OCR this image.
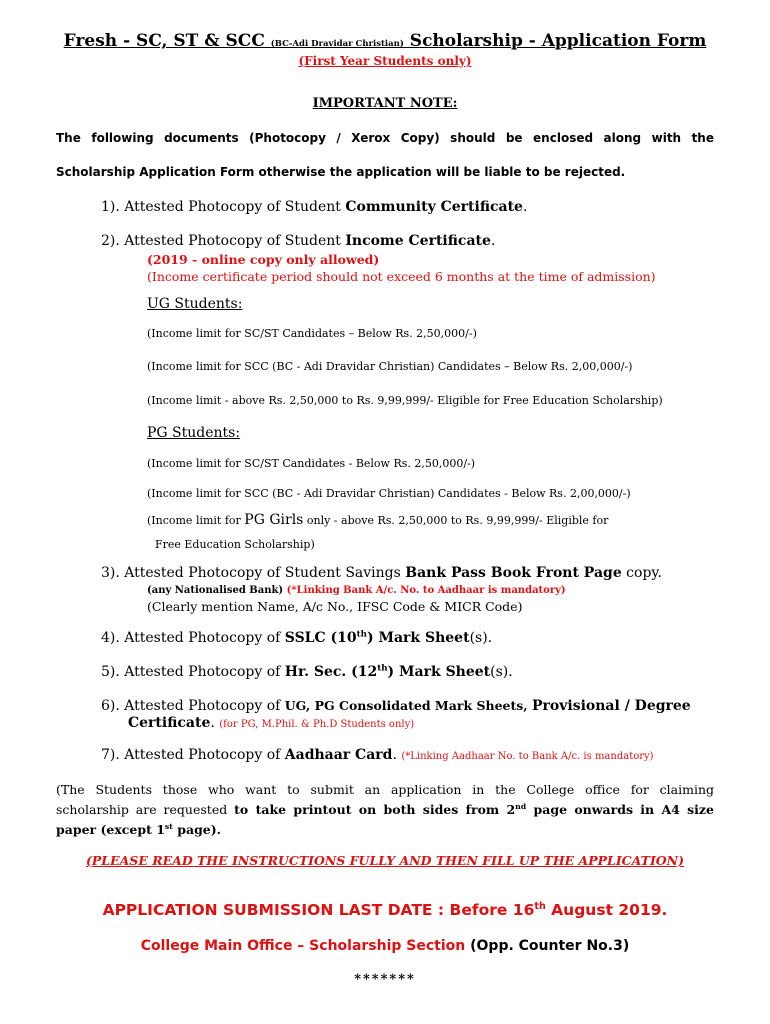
Fresh - SC, ST & SCC (BC-Adi Dravidar Christian) Scholarship - Application Form
(First Year Students only)
IMPORTANT NOTE:
The following documents (Photocopy / Xerox Copy) should be enclosed along with the
Scholarship Application Form otherwise the application will be liable to be rejected.
1). Attested Photocopy of Student Community Certificate.
2). Attested Photocopy of Student Income Certificate.
(2019 - online copy only allowed)
(Income certificate period should not exceed 6 months at the time of admission)
UG Students:
(Income limit for SC/ST Candidates – Below Rs. 2,50,000/-)
(Income limit for SCC (BC - Adi Dravidar Christian) Candidates – Below Rs. 2,00,000/-)
(Income limit - above Rs. 2,50,000 to Rs. 9,99,999/- Eligible for Free Education Scholarship)
PG Students:
(Income limit for SC/ST Candidates - Below Rs. 2,50,000/-)
(Income limit for SCC (BC - Adi Dravidar Christian) Candidates - Below Rs. 2,00,000/-)
(Income limit for PG Girls only - above Rs. 2,50,000 to Rs. 9,99,999/- Eligible for
Free Education Scholarship)
3). Attested Photocopy of Student Savings Bank Pass Book Front Page copy.
(any Nationalised Bank) (*Linking Bank A/c. No. to Aadhaar is mandatory)
(Clearly mention Name, A/c No., IFSC Code & MICR Code)
4). Attested Photocopy of SSLC (10th) Mark Sheet(s).
5). Attested Photocopy of Hr. Sec. (12th) Mark Sheet(s).
6). Attested Photocopy of UG, PG Consolidated Mark Sheets, Provisional / Degree
Certificate. (for PG, M.Phil. & Ph.D Students only)
7). Attested Photocopy of Aadhaar Card. (*Linking Aadhaar No. to Bank A/c. is mandatory)
(The Students those who want to submit an application in the College office for claiming
scholarship are requested to take printout on both sides from 2nd page onwards in A4 size
paper (except 1st page).
(PLEASE READ THE INSTRUCTIONS FULLY AND THEN FILL UP THE APPLICATION)
APPLICATION SUBMISSION LAST DATE : Before 16th August 2019.
College Main Office – Scholarship Section (Opp. Counter No.3)
*******
